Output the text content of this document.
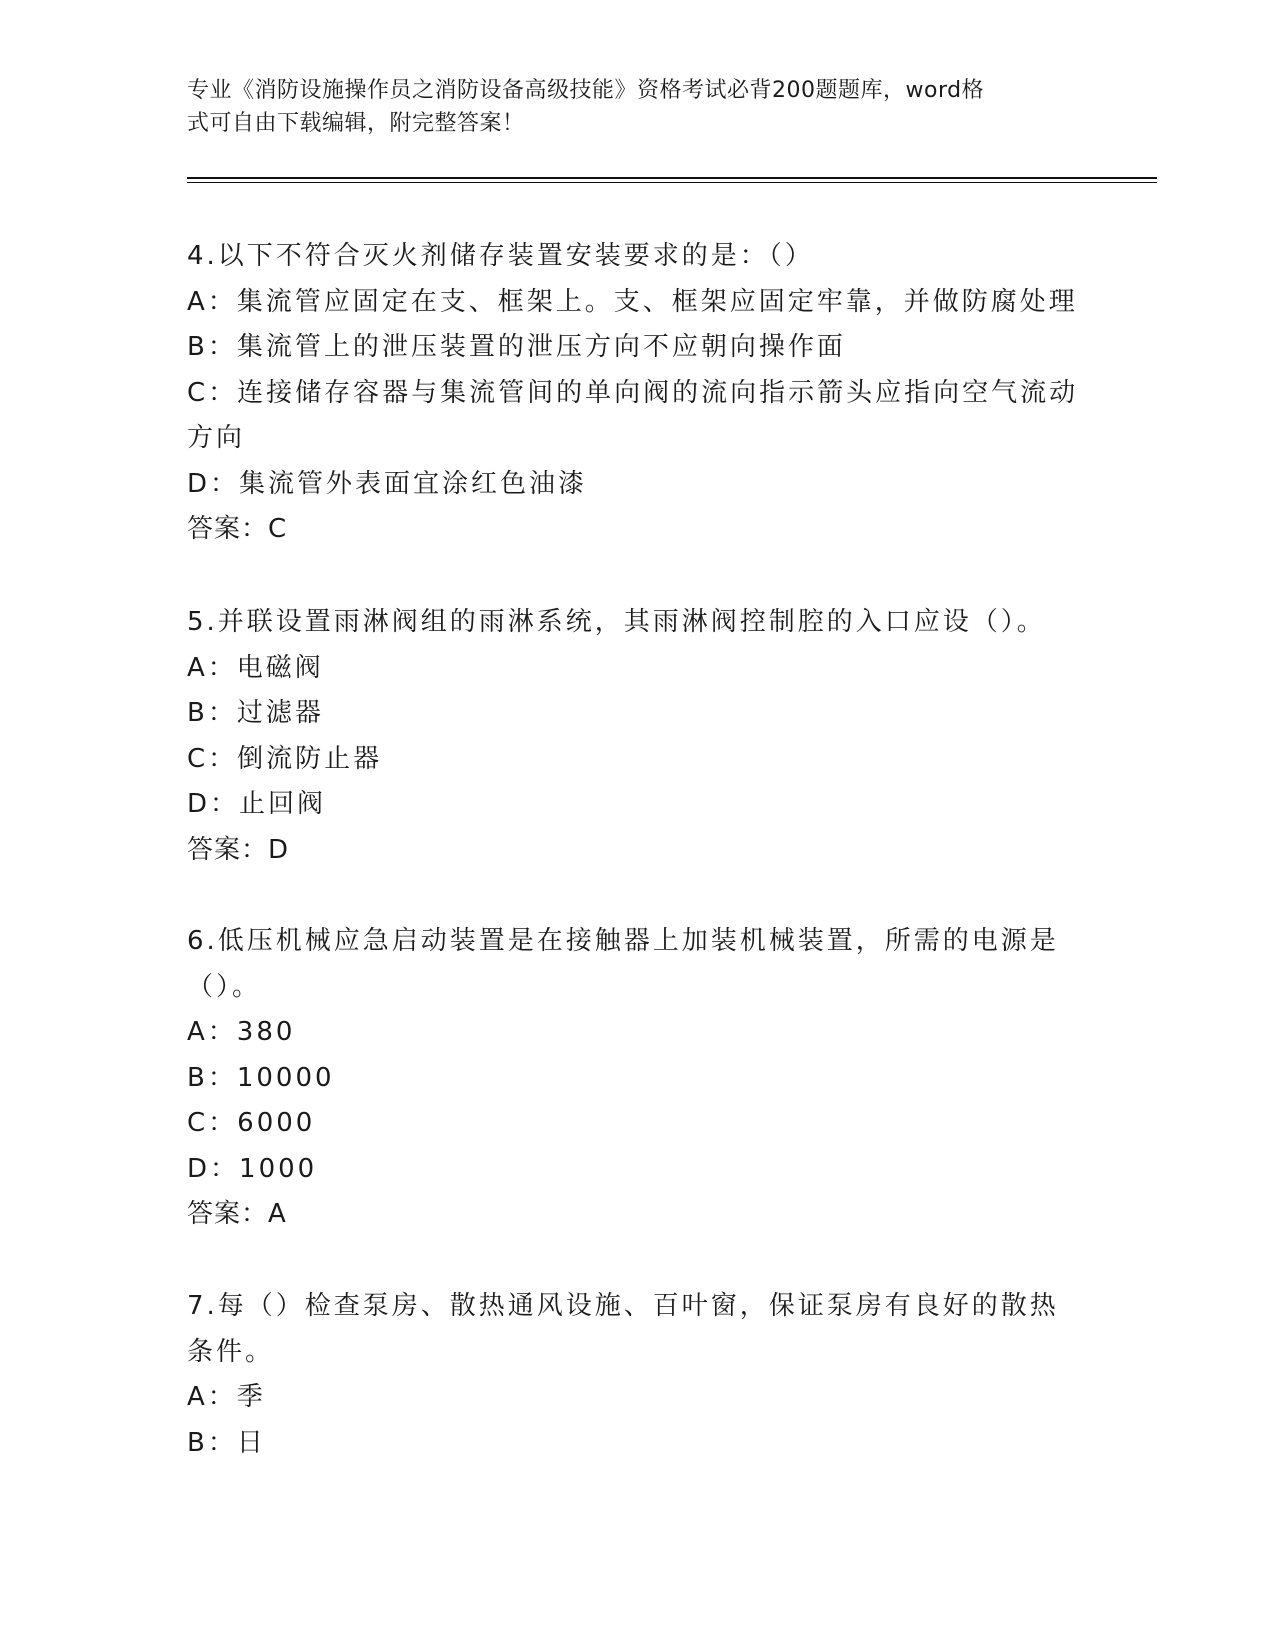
专业《消防设施操作员之消防设备高级技能》资格考试必背200题题库，word格
式可自由下载编辑，附完整答案！
4.以下不符合灭火剂储存装置安装要求的是：（）
A：集流管应固定在支、框架上。支、框架应固定牢靠，并做防腐处理
B：集流管上的泄压装置的泄压方向不应朝向操作面
C：连接储存容器与集流管间的单向阀的流向指示箭头应指向空气流动
方向
D：集流管外表面宜涂红色油漆
答案：C
5.并联设置雨淋阀组的雨淋系统，其雨淋阀控制腔的入口应设（）。
A：电磁阀
B：过滤器
C：倒流防止器
D：止回阀
答案：D
6.低压机械应急启动装置是在接触器上加装机械装置，所需的电源是
（）。
A：380
B：10000
C：6000
D：1000
答案：A
7.每（）检查泵房、散热通风设施、百叶窗，保证泵房有良好的散热
条件。
A：季
B：日
